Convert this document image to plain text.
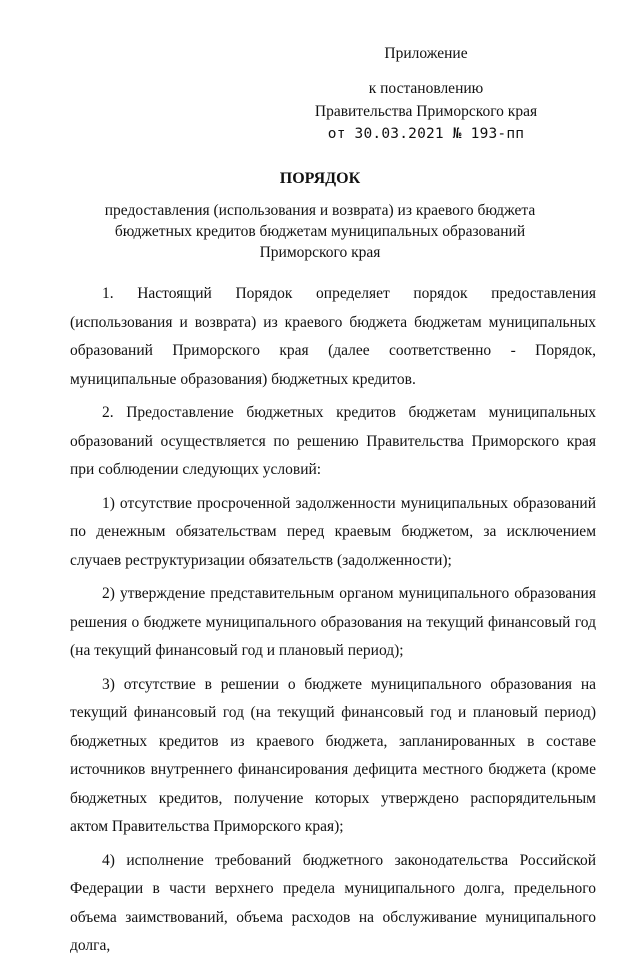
Приложение
к постановлению
Правительства Приморского края
от 30.03.2021 № 193-пп
ПОРЯДОК
предоставления (использования и возврата) из краевого бюджета
бюджетных кредитов бюджетам муниципальных образований
Приморского края

1. Настоящий Порядок определяет порядок предоставления (использования и возврата) из краевого бюджета бюджетам муниципальных образований Приморского края (далее соответственно - Порядок, муниципальные образования) бюджетных кредитов.

2. Предоставление бюджетных кредитов бюджетам муниципальных образований осуществляется по решению Правительства Приморского края при соблюдении следующих условий:

1) отсутствие просроченной задолженности муниципальных образований по денежным обязательствам перед краевым бюджетом, за исключением случаев реструктуризации обязательств (задолженности);

2) утверждение представительным органом муниципального образования решения о бюджете муниципального образования на текущий финансовый год (на текущий финансовый год и плановый период);

3) отсутствие в решении о бюджете муниципального образования на текущий финансовый год (на текущий финансовый год и плановый период) бюджетных кредитов из краевого бюджета, запланированных в составе источников внутреннего финансирования дефицита местного бюджета (кроме бюджетных кредитов, получение которых утверждено распорядительным актом Правительства Приморского края);

4) исполнение требований бюджетного законодательства Российской Федерации в части верхнего предела муниципального долга, предельного объема заимствований, объема расходов на обслуживание муниципального долга,
